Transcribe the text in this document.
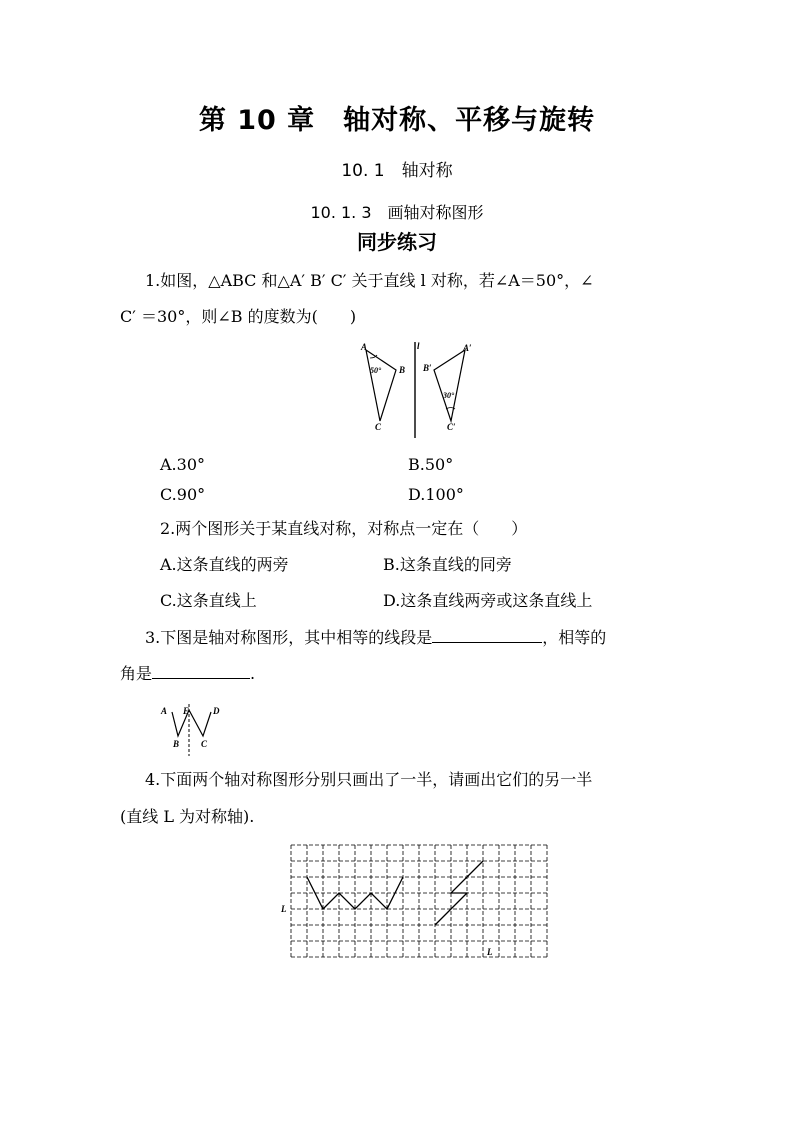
第 10 章　轴对称、平移与旋转
10. 1　轴对称
10. 1. 3　画轴对称图形
同步练习
1.如图，△ABC 和△A′ B′ C′ 关于直线 l 对称，若∠A＝50°，∠
C′ ＝30°，则∠B 的度数为(　　)
A
B
C
50°
l	A′
B′
C′
30°
A.30°	B.50°
C.90°	D.100°
2.两个图形关于某直线对称，对称点一定在（　　）
A.这条直线的两旁	B.这条直线的同旁
C.这条直线上	D.这条直线两旁或这条直线上
3.下图是轴对称图形，其中相等的线段是	，相等的
角是	.
A E	D
B C
4.下面两个轴对称图形分别只画出了一半，请画出它们的另一半
(直线 L 为对称轴).
L
L
